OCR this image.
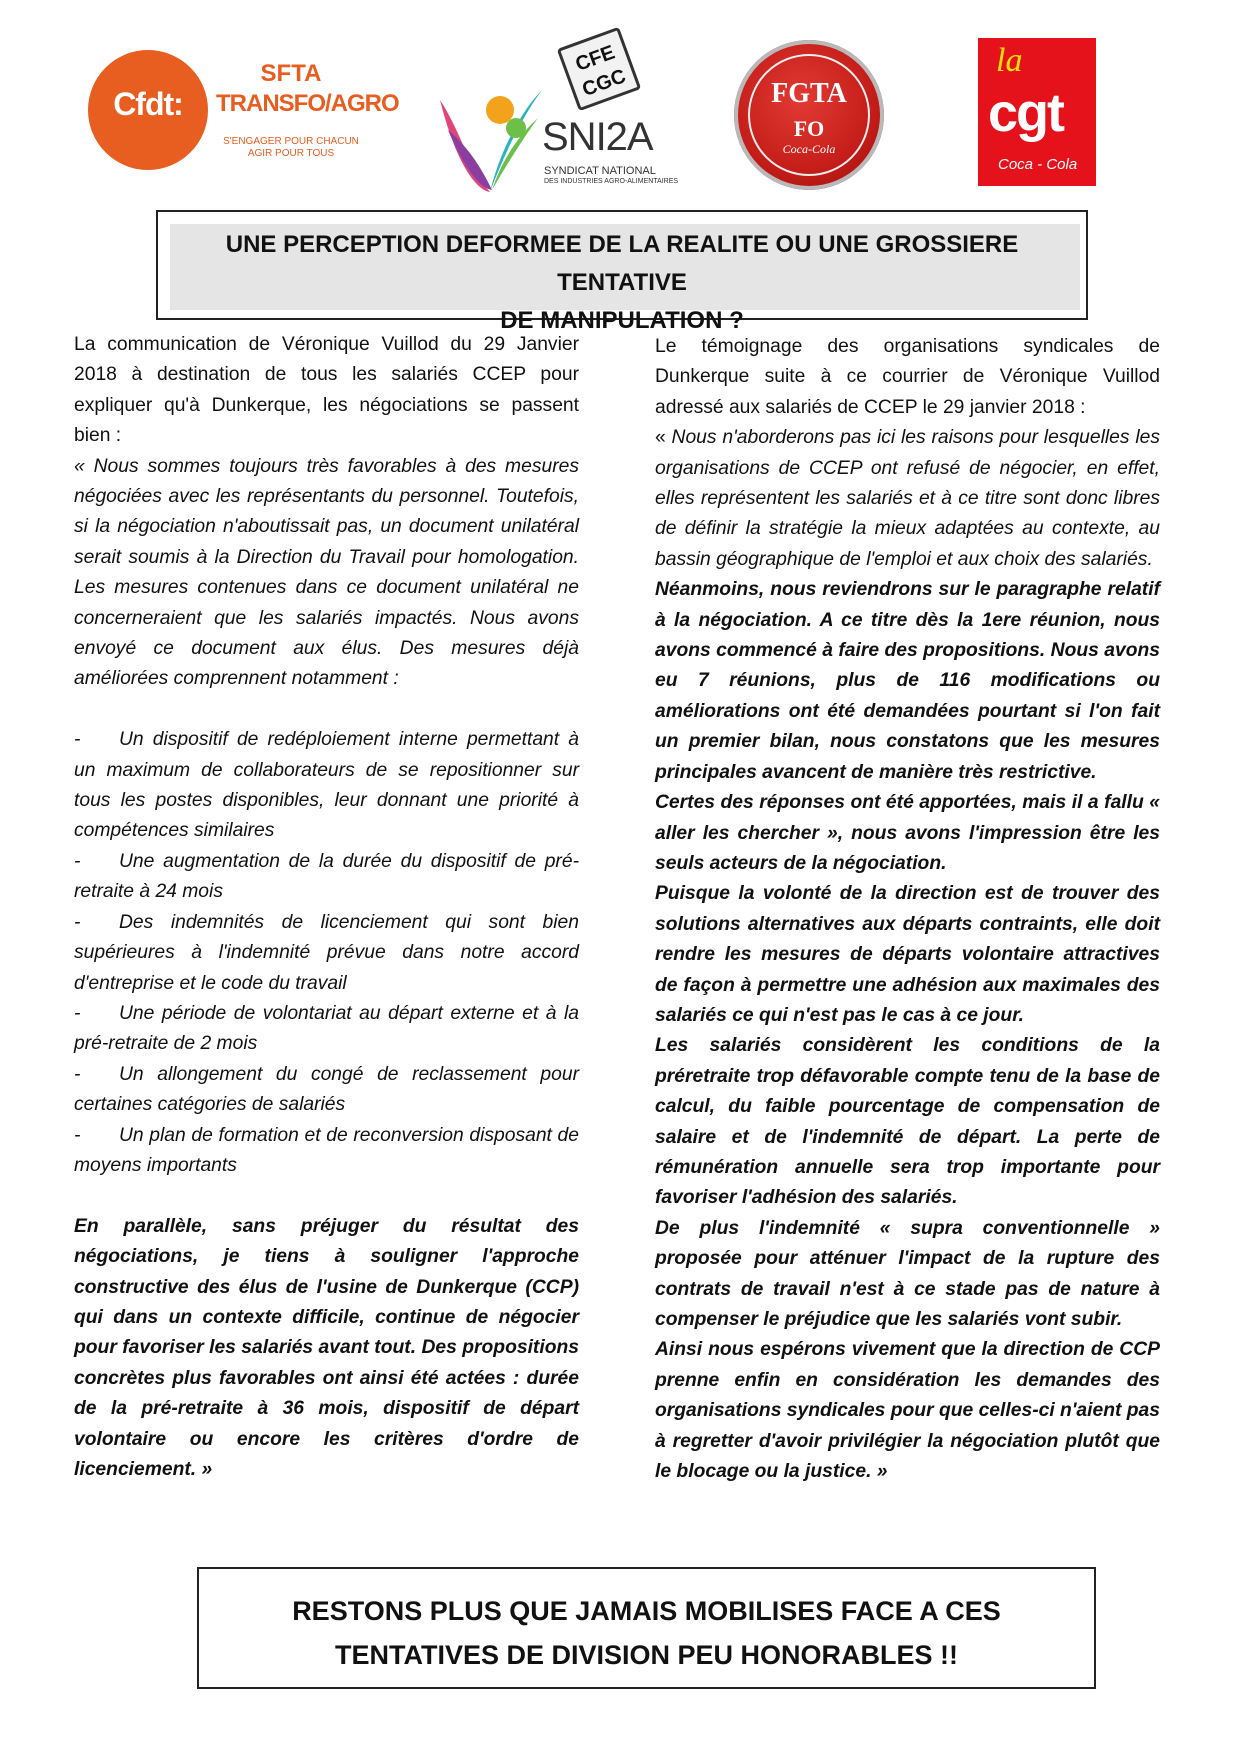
Cfdt:
SFTA
TRANSFO/AGRO
S'ENGAGER POUR CHACUN
AGIR POUR TOUS
CFE
CGC
SNI2A
SYNDICAT NATIONAL
DES INDUSTRIES AGRO-ALIMENTAIRES
FGTA
FO
Coca-Cola
la
cgt
Coca - Cola
UNE PERCEPTION DEFORMEE DE LA REALITE OU UNE GROSSIERE TENTATIVE
DE MANIPULATION ?

La communication de Véronique Vuillod du 29 Janvier 2018 à destination de tous les salariés CCEP pour expliquer qu'à Dunkerque, les négociations se passent bien :

« Nous sommes toujours très favorables à des mesures négociées avec les représentants du personnel. Toutefois, si la négociation n'aboutissait pas, un document unilatéral serait soumis à la Direction du Travail pour homologation. Les mesures contenues dans ce document unilatéral ne concerneraient que les salariés impactés. Nous avons envoyé ce document aux élus. Des mesures déjà améliorées comprennent notamment :

- Un dispositif de redéploiement interne permettant à un maximum de collaborateurs de se repositionner sur tous les postes disponibles, leur donnant une priorité à compétences similaires

- Une augmentation de la durée du dispositif de pré-retraite à 24 mois

- Des indemnités de licenciement qui sont bien supérieures à l'indemnité prévue dans notre accord d'entreprise et le code du travail

- Une période de volontariat au départ externe et à la pré-retraite de 2 mois

- Un allongement du congé de reclassement pour certaines catégories de salariés

- Un plan de formation et de reconversion disposant de moyens importants

En parallèle, sans préjuger du résultat des négociations, je tiens à souligner l'approche constructive des élus de l'usine de Dunkerque (CCP) qui dans un contexte difficile, continue de négocier pour favoriser les salariés avant tout. Des propositions concrètes plus favorables ont ainsi été actées : durée de la pré-retraite à 36 mois, dispositif de départ volontaire ou encore les critères d'ordre de licenciement. »

Le témoignage des organisations syndicales de Dunkerque suite à ce courrier de Véronique Vuillod adressé aux salariés de CCEP le 29 janvier 2018 :

« Nous n'aborderons pas ici les raisons pour lesquelles les organisations de CCEP ont refusé de négocier, en effet, elles représentent les salariés et à ce titre sont donc libres de définir la stratégie la mieux adaptées au contexte, au bassin géographique de l'emploi et aux choix des salariés.

Néanmoins, nous reviendrons sur le paragraphe relatif à la négociation. A ce titre dès la 1ere réunion, nous avons commencé à faire des propositions. Nous avons eu 7 réunions, plus de 116 modifications ou améliorations ont été demandées pourtant si l'on fait un premier bilan, nous constatons que les mesures principales avancent de manière très restrictive.

Certes des réponses ont été apportées, mais il a fallu « aller les chercher », nous avons l'impression être les seuls acteurs de la négociation.

Puisque la volonté de la direction est de trouver des solutions alternatives aux départs contraints, elle doit rendre les mesures de départs volontaire attractives de façon à permettre une adhésion aux maximales des salariés ce qui n'est pas le cas à ce jour.

Les salariés considèrent les conditions de la préretraite trop défavorable compte tenu de la base de calcul, du faible pourcentage de compensation de salaire et de l'indemnité de départ. La perte de rémunération annuelle sera trop importante pour favoriser l'adhésion des salariés.

De plus l'indemnité « supra conventionnelle » proposée pour atténuer l'impact de la rupture des contrats de travail n'est à ce stade pas de nature à compenser le préjudice que les salariés vont subir.

Ainsi nous espérons vivement que la direction de CCP prenne enfin en considération les demandes des organisations syndicales pour que celles-ci n'aient pas à regretter d'avoir privilégier la négociation plutôt que le blocage ou la justice. »

RESTONS PLUS QUE JAMAIS MOBILISES FACE A CES
TENTATIVES DE DIVISION PEU HONORABLES !!
